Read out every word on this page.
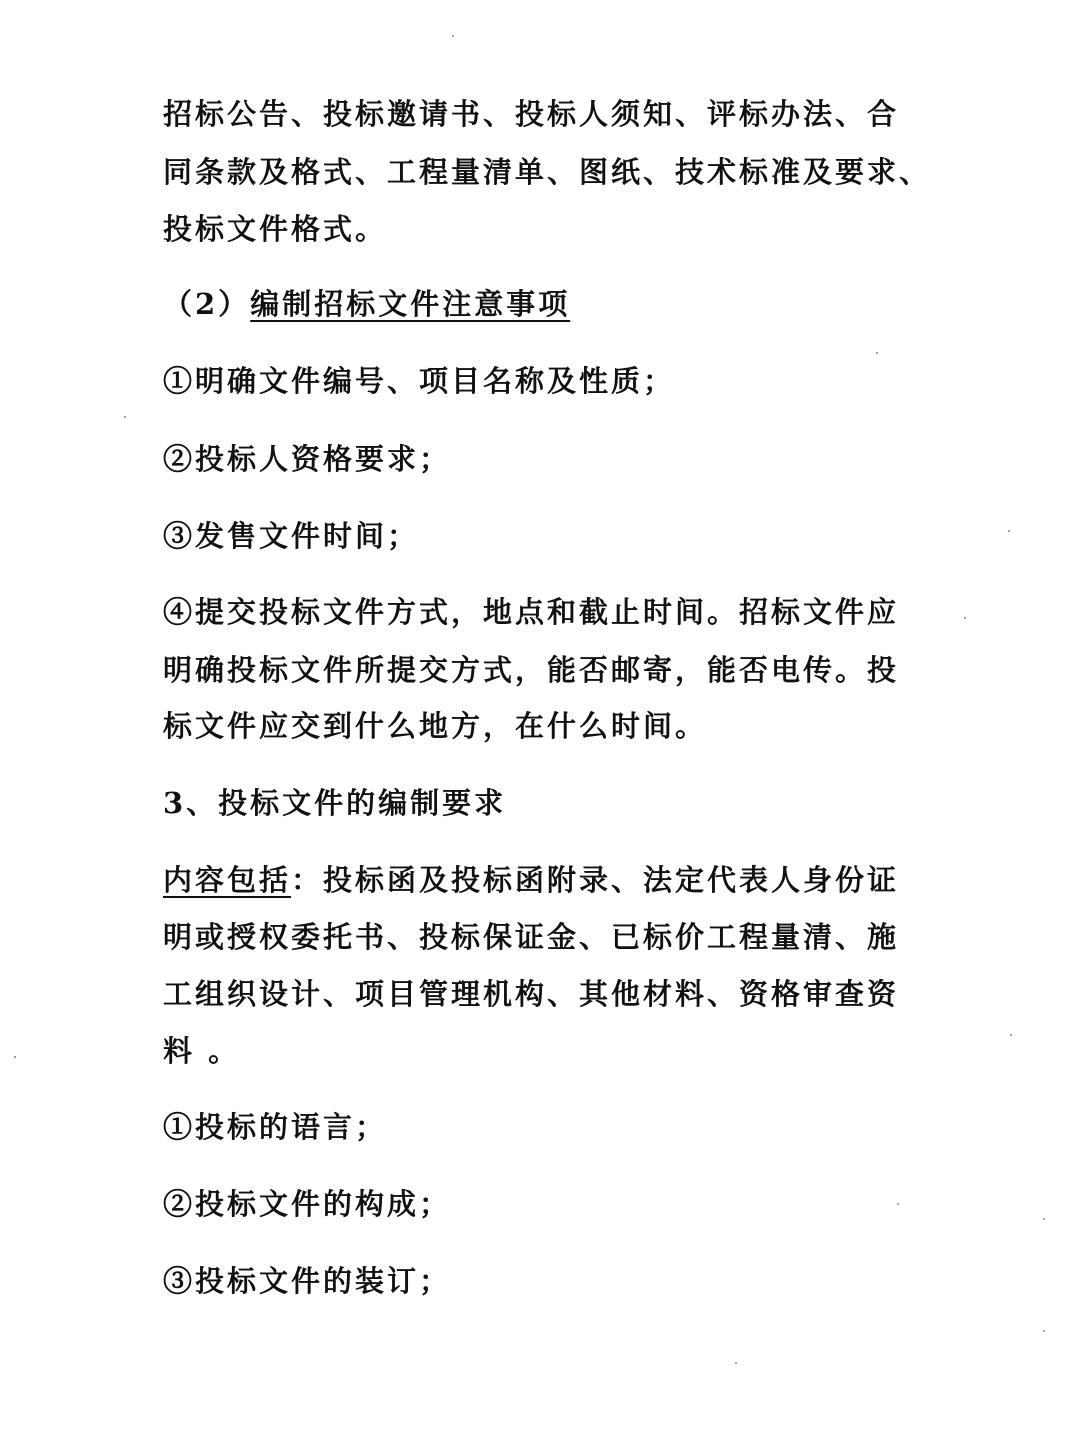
招标公告、投标邀请书、投标人须知、评标办法、合
同条款及格式、工程量清单、图纸、技术标准及要求、
投标文件格式。
（2）编制招标文件注意事项
①明确文件编号、项目名称及性质；
②投标人资格要求；
③发售文件时间；
④提交投标文件方式，地点和截止时间。招标文件应
明确投标文件所提交方式，能否邮寄，能否电传。投
标文件应交到什么地方，在什么时间。
3、投标文件的编制要求
内容包括：投标函及投标函附录、法定代表人身份证
明或授权委托书、投标保证金、已标价工程量清、施
工组织设计、项目管理机构、其他材料、资格审查资
料 。
①投标的语言；
②投标文件的构成；
③投标文件的装订；
